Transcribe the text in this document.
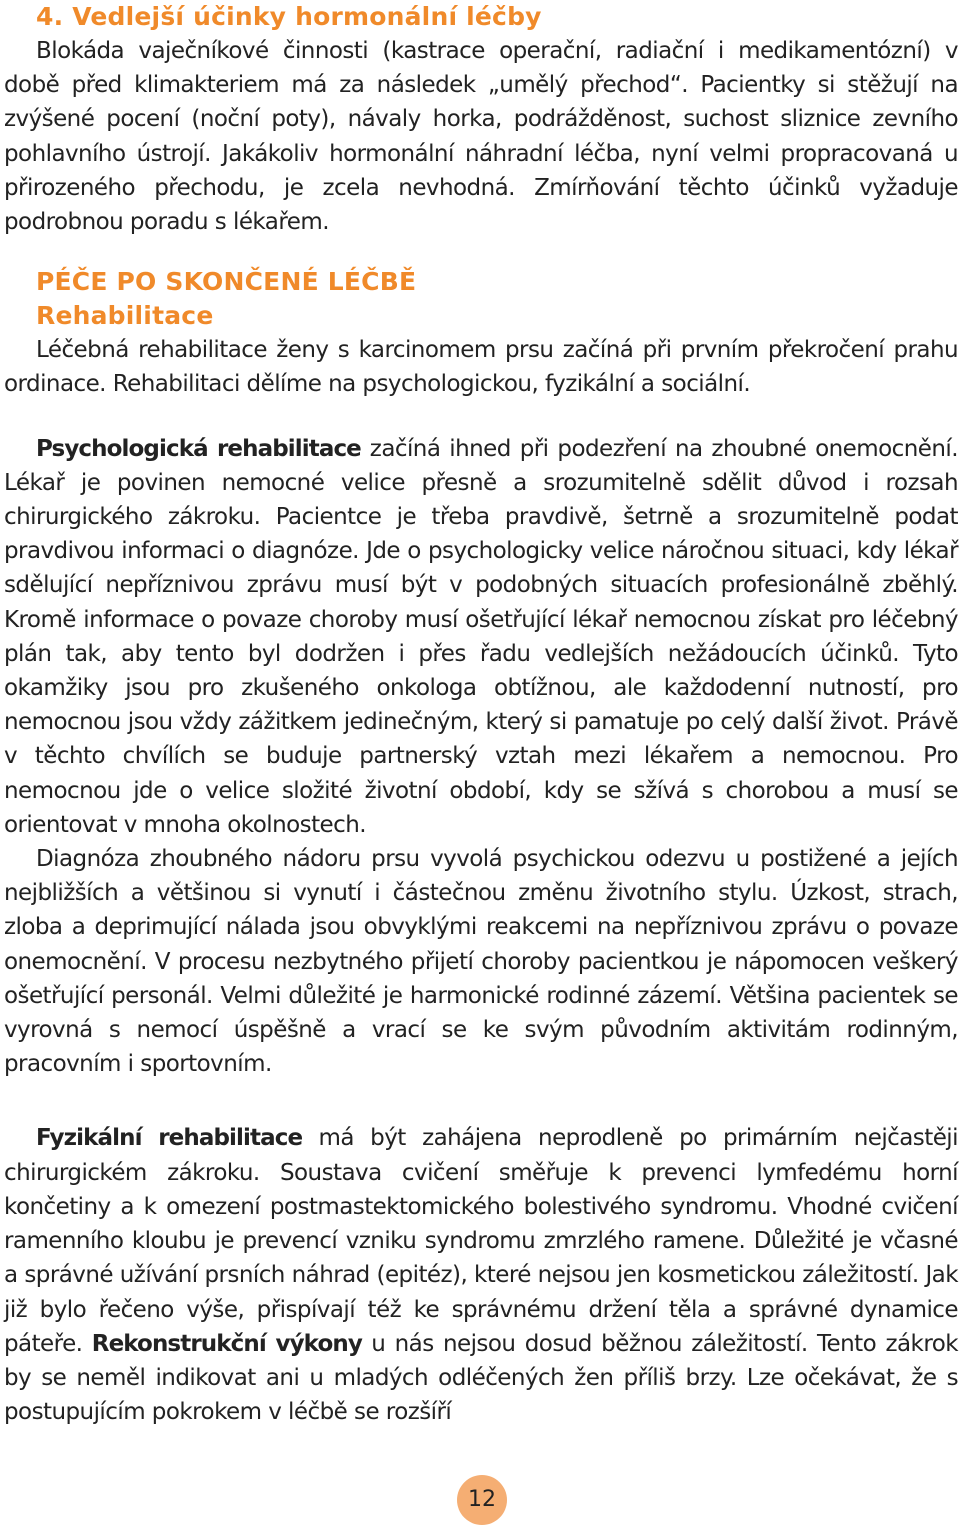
4. Vedlejší účinky hormonální léčby

Blokáda vaječníkové činnosti (kastrace operační, radiační i medikamentózní) v době před klimakteriem má za následek „umělý přechod“. Pacientky si stěžují na zvýšené pocení (noční poty), návaly horka, podrážděnost, suchost sliznice zevního pohlavního ústrojí. Jakákoliv hormonální náhradní léčba, nyní velmi propracovaná u přirozeného přechodu, je zcela nevhodná. Zmírňování těchto účinků vyžaduje podrobnou poradu s lékařem.

PÉČE PO SKONČENÉ LÉČBĚ
Rehabilitace

Léčebná rehabilitace ženy s karcinomem prsu začíná při prvním překročení prahu ordinace. Rehabilitaci dělíme na psychologickou, fyzikální a sociální.

Psychologická rehabilitace začíná ihned při podezření na zhoubné onemocnění. Lékař je povinen nemocné velice přesně a srozumitelně sdělit důvod i rozsah chirurgického zákroku. Pacientce je třeba pravdivě, šetrně a srozumitelně podat pravdivou informaci o diagnóze. Jde o psychologicky velice náročnou situaci, kdy lékař sdělující nepříznivou zprávu musí být v podobných situacích profesionálně zběhlý. Kromě informace o povaze choroby musí ošetřující lékař nemocnou získat pro léčebný plán tak, aby tento byl dodržen i přes řadu vedlejších nežádoucích účinků. Tyto okamžiky jsou pro zkušeného onkologa obtížnou, ale každodenní nutností, pro nemocnou jsou vždy zážitkem jedinečným, který si pamatuje po celý další život. Právě v těchto chvílích se buduje partnerský vztah mezi lékařem a nemocnou. Pro nemocnou jde o velice složité životní období, kdy se sžívá s chorobou a musí se orientovat v mnoha okolnostech.

Diagnóza zhoubného nádoru prsu vyvolá psychickou odezvu u postižené a jejích nejbližších a většinou si vynutí i částečnou změnu životního stylu. Úzkost, strach, zloba a deprimující nálada jsou obvyklými reakcemi na nepříznivou zprávu o povaze onemocnění. V procesu nezbytného přijetí choroby pacientkou je nápomocen veškerý ošetřující personál. Velmi důležité je harmonické rodinné zázemí. Většina pacientek se vyrovná s nemocí úspěšně a vrací se ke svým původním aktivitám rodinným, pracovním i sportovním.

Fyzikální rehabilitace má být zahájena neprodleně po primárním nejčastěji chirurgickém zákroku. Soustava cvičení směřuje k prevenci lymfedému horní končetiny a k omezení postmastektomického bolestivého syndromu. Vhodné cvičení ramenního kloubu je prevencí vzniku syndromu zmrzlého ramene. Důležité je včasné a správné užívání prsních náhrad (epitéz), které nejsou jen kosmetickou záležitostí. Jak již bylo řečeno výše, přispívají též ke správnému držení těla a správné dynamice páteře. Rekonstrukční výkony u nás nejsou dosud běžnou záležitostí. Tento zákrok by se neměl indikovat ani u mladých odléčených žen příliš brzy. Lze očekávat, že s postupujícím pokrokem v léčbě se rozšíří

12
